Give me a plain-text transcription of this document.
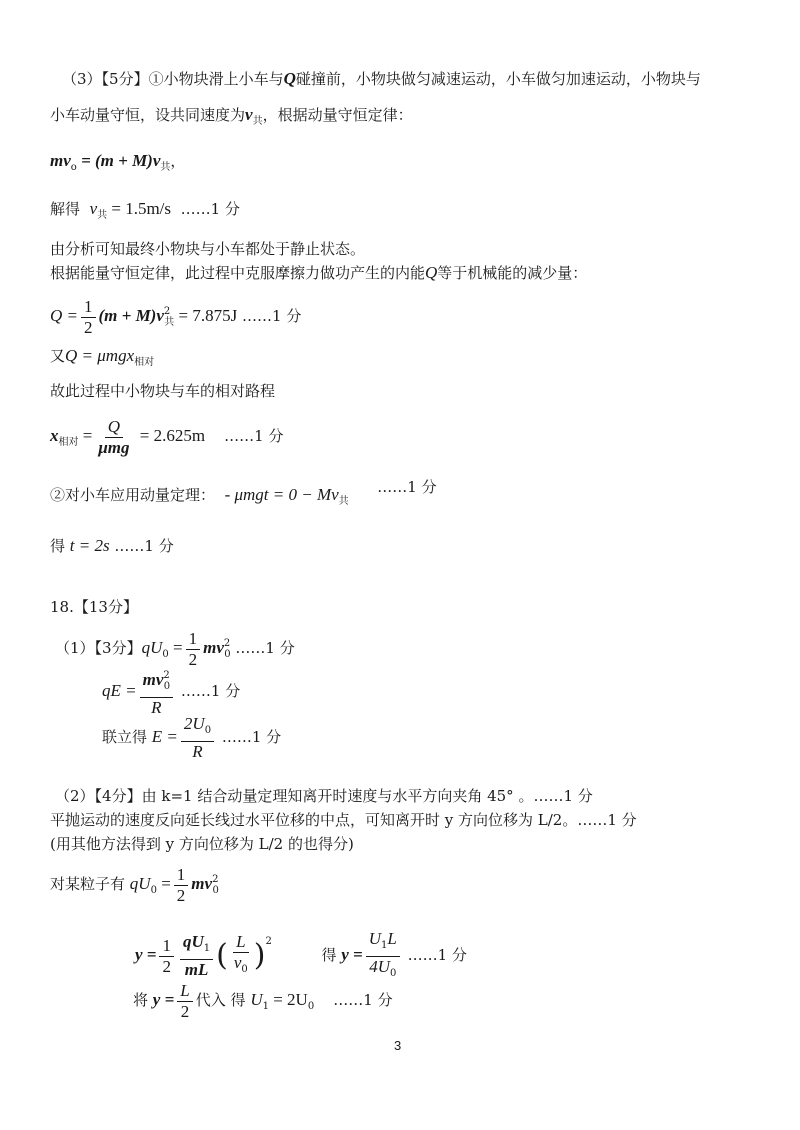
（3）【5分】①小物块滑上小车与Q碰撞前，小物块做匀减速运动，小车做匀加速运动，小物块与
小车动量守恒，设共同速度为$v_共$，根据动量守恒定律：
$mv_o = (m + M)v_共$，
解得 $v_共 = 1.5m/s$ ……1 分
由分析可知最终小物块与小车都处于静止状态。
根据能量守恒定律，此过程中克服摩擦力做功产生的内能Q等于机械能的减少量：
$Q = \frac{1}{2} (m + M)v^2_共 = 7.875J$ ……1 分
又Q = μmgx$_{相对}$
故此过程中小物块与车的相对路程
$x_{相对} = \frac{Q}{\text{μmg}} = 2.625m$ ……1 分
②对小车应用动量定理： - $\mu mgt = 0 - Mv_共$      ……1 分
得 t = 2s ……1 分
18.【13分】
（1）【3分】$qU_0 = \frac{1}{2} mv^2_0$ ……1 分
qE = $\frac{mv^2_0}{R}$ ……1 分
联立得 $E = \frac{2U_0}{R}$ ……1 分
（2）【4分】由 k=1 结合动量定理知离开时速度与水平方向夹角 45° 。……1 分
平抛运动的速度反向延长线过水平位移的中点，可知离开时 y 方向位移为 L/2。……1 分
(用其他方法得到 y 方向位移为 L/2 的也得分)
对某粒子有 $qU_0 = \frac{1}{2} mv^2_0$
$y = \frac{1}{2} \frac{qU_1}{mL}$ ( $\frac{L}{v_0} )^2$  得 $y = \frac{U_1L}{4U_0}$ ……1 分
将 $y = \frac{L}{2}$ 代入 得 $U_1 = 2U_0$ ……1 分
3
